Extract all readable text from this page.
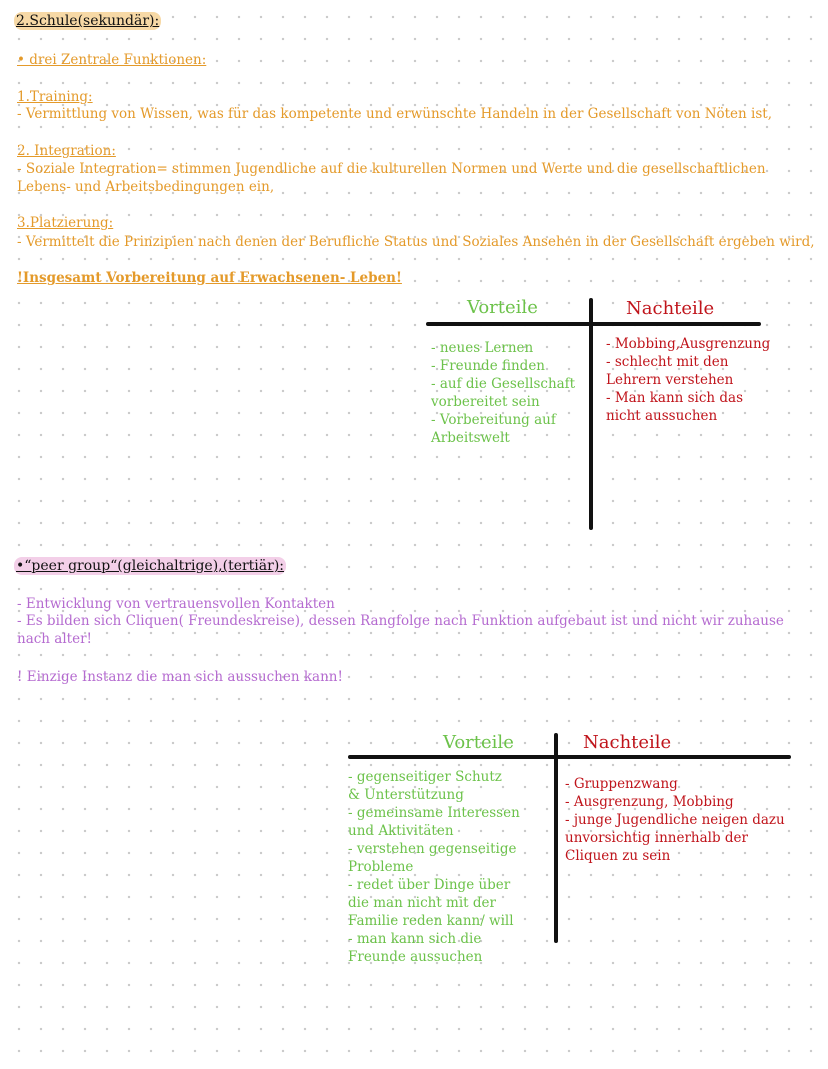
2.Schule(sekundär):
• drei Zentrale Funktionen:
1.Training:
- Vermittlung von Wissen, was für das kompetente und erwünschte Handeln in der Gesellschaft von Nöten ist,
2. Integration:
- Soziale Integration= stimmen Jugendliche auf die kulturellen Normen und Werte und die gesellschaftlichen Lebens- und Arbeitsbedingungen ein,
3.Platzierung:
- Vermittelt die Prinzipien nach denen der Berufliche Status und Soziales Ansehen in der Gesellschaft ergeben wird,
!Insgesamt Vorbereitung auf Erwachsenen- Leben!
Vorteile	Nachteile
- neues Lernen
- Freunde finden
- auf die Gesellschaft vorbereitet sein
- Vorbereitung auf Arbeitswelt
- Mobbing,Ausgrenzung
- schlecht mit den Lehrern verstehen
- Man kann sich das nicht aussuchen
•“peer group“(gleichaltrige),(tertiär):
- Entwicklung von vertrauensvollen Kontakten
- Es bilden sich Cliquen( Freundeskreise), dessen Rangfolge nach Funktion aufgebaut ist und nicht wir zuhause nach alter!
! Einzige Instanz die man sich aussuchen kann!
Vorteile	Nachteile
- gegenseitiger Schutz & Unterstützung
- gemeinsame Interessen und Aktivitäten
- verstehen gegenseitige Probleme
- redet über Dinge über die man nicht mit der Familie reden kann/ will
- man kann sich die Freunde aussuchen
- Gruppenzwang
- Ausgrenzung, Mobbing
- junge Jugendliche neigen dazu unvorsichtig innerhalb der Cliquen zu sein
